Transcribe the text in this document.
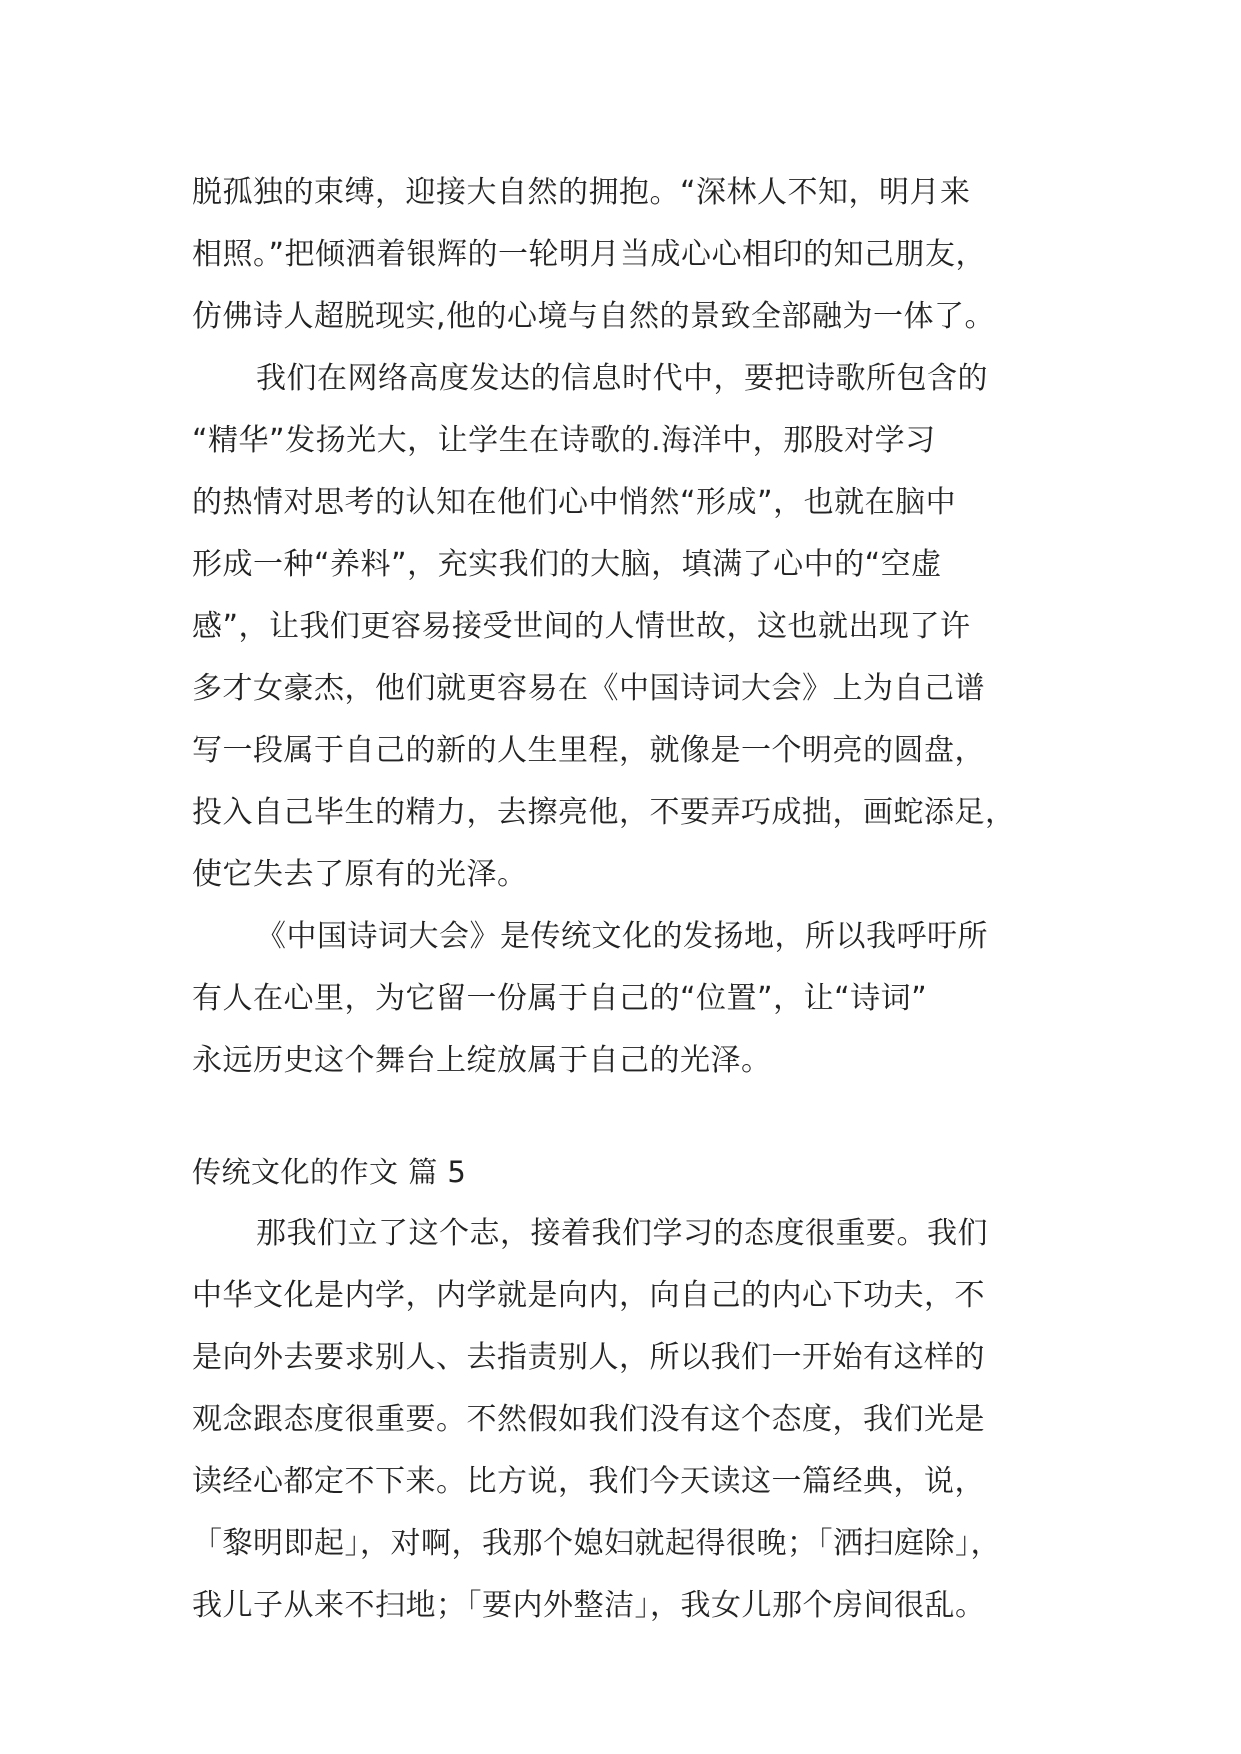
脱孤独的束缚，迎接大自然的拥抱。“深林人不知，明月来
相照。”把倾洒着银辉的一轮明月当成心心相印的知己朋友，
仿佛诗人超脱现实,他的心境与自然的景致全部融为一体了。
我们在网络高度发达的信息时代中，要把诗歌所包含的
“精华”发扬光大，让学生在诗歌的.海洋中，那股对学习
的热情对思考的认知在他们心中悄然“形成”，也就在脑中
形成一种“养料”，充实我们的大脑，填满了心中的“空虚
感”，让我们更容易接受世间的人情世故，这也就出现了许
多才女豪杰，他们就更容易在《中国诗词大会》上为自己谱
写一段属于自己的新的人生里程，就像是一个明亮的圆盘，
投入自己毕生的精力，去擦亮他，不要弄巧成拙，画蛇添足，
使它失去了原有的光泽。
《中国诗词大会》是传统文化的发扬地，所以我呼吁所
有人在心里，为它留一份属于自己的“位置”，让“诗词”
永远历史这个舞台上绽放属于自己的光泽。
传统文化的作文 篇 5
那我们立了这个志，接着我们学习的态度很重要。我们
中华文化是内学，内学就是向内，向自己的内心下功夫，不
是向外去要求别人、去指责别人，所以我们一开始有这样的
观念跟态度很重要。不然假如我们没有这个态度，我们光是
读经心都定不下来。比方说，我们今天读这一篇经典，说，
「黎明即起」，对啊，我那个媳妇就起得很晚；「洒扫庭除」，
我儿子从来不扫地；「要内外整洁」，我女儿那个房间很乱。
